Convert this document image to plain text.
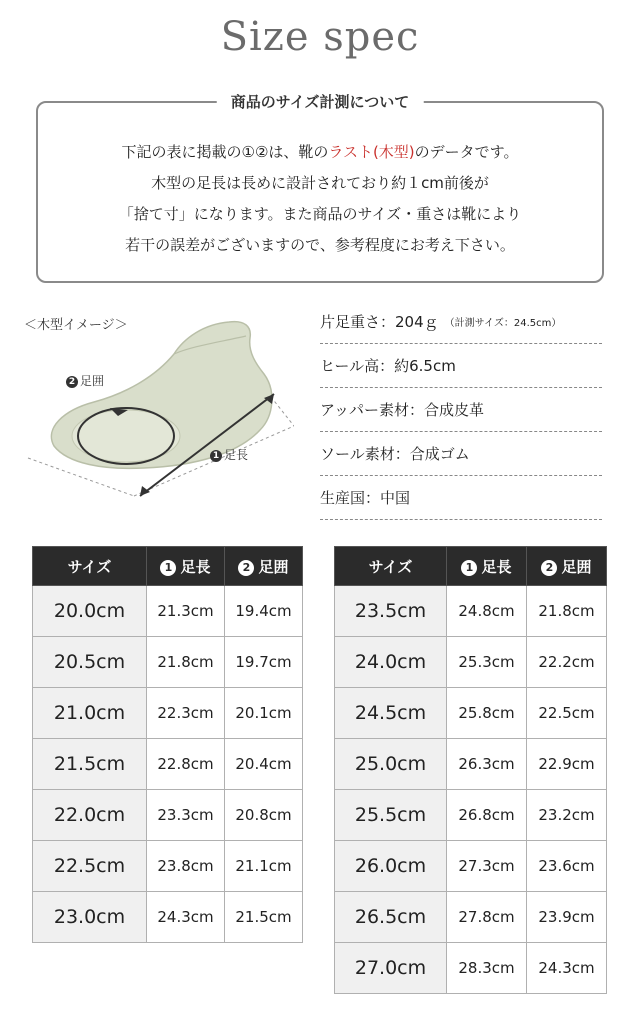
Size spec
商品のサイズ計測について
下記の表に掲載の①②は、靴のラスト(木型)のデータです。
木型の足長は長めに設計されており約１cm前後が
「捨て寸」になります。また商品のサイズ・重さは靴により
若干の誤差がございますので、参考程度にお考え下さい。
＜木型イメージ＞
2 足囲
1 足長
片足重さ：204ｇ （計測サイズ：24.5cm）
ヒール高：約6.5cm
アッパー素材：合成皮革
ソール素材：合成ゴム
生産国：中国
サイズ	1 足長	2 足囲
20.0cm	21.3cm	19.4cm
20.5cm	21.8cm	19.7cm
21.0cm	22.3cm	20.1cm
21.5cm	22.8cm	20.4cm
22.0cm	23.3cm	20.8cm
22.5cm	23.8cm	21.1cm
23.0cm	24.3cm	21.5cm
サイズ	1 足長	2 足囲
23.5cm	24.8cm	21.8cm
24.0cm	25.3cm	22.2cm
24.5cm	25.8cm	22.5cm
25.0cm	26.3cm	22.9cm
25.5cm	26.8cm	23.2cm
26.0cm	27.3cm	23.6cm
26.5cm	27.8cm	23.9cm
27.0cm	28.3cm	24.3cm
